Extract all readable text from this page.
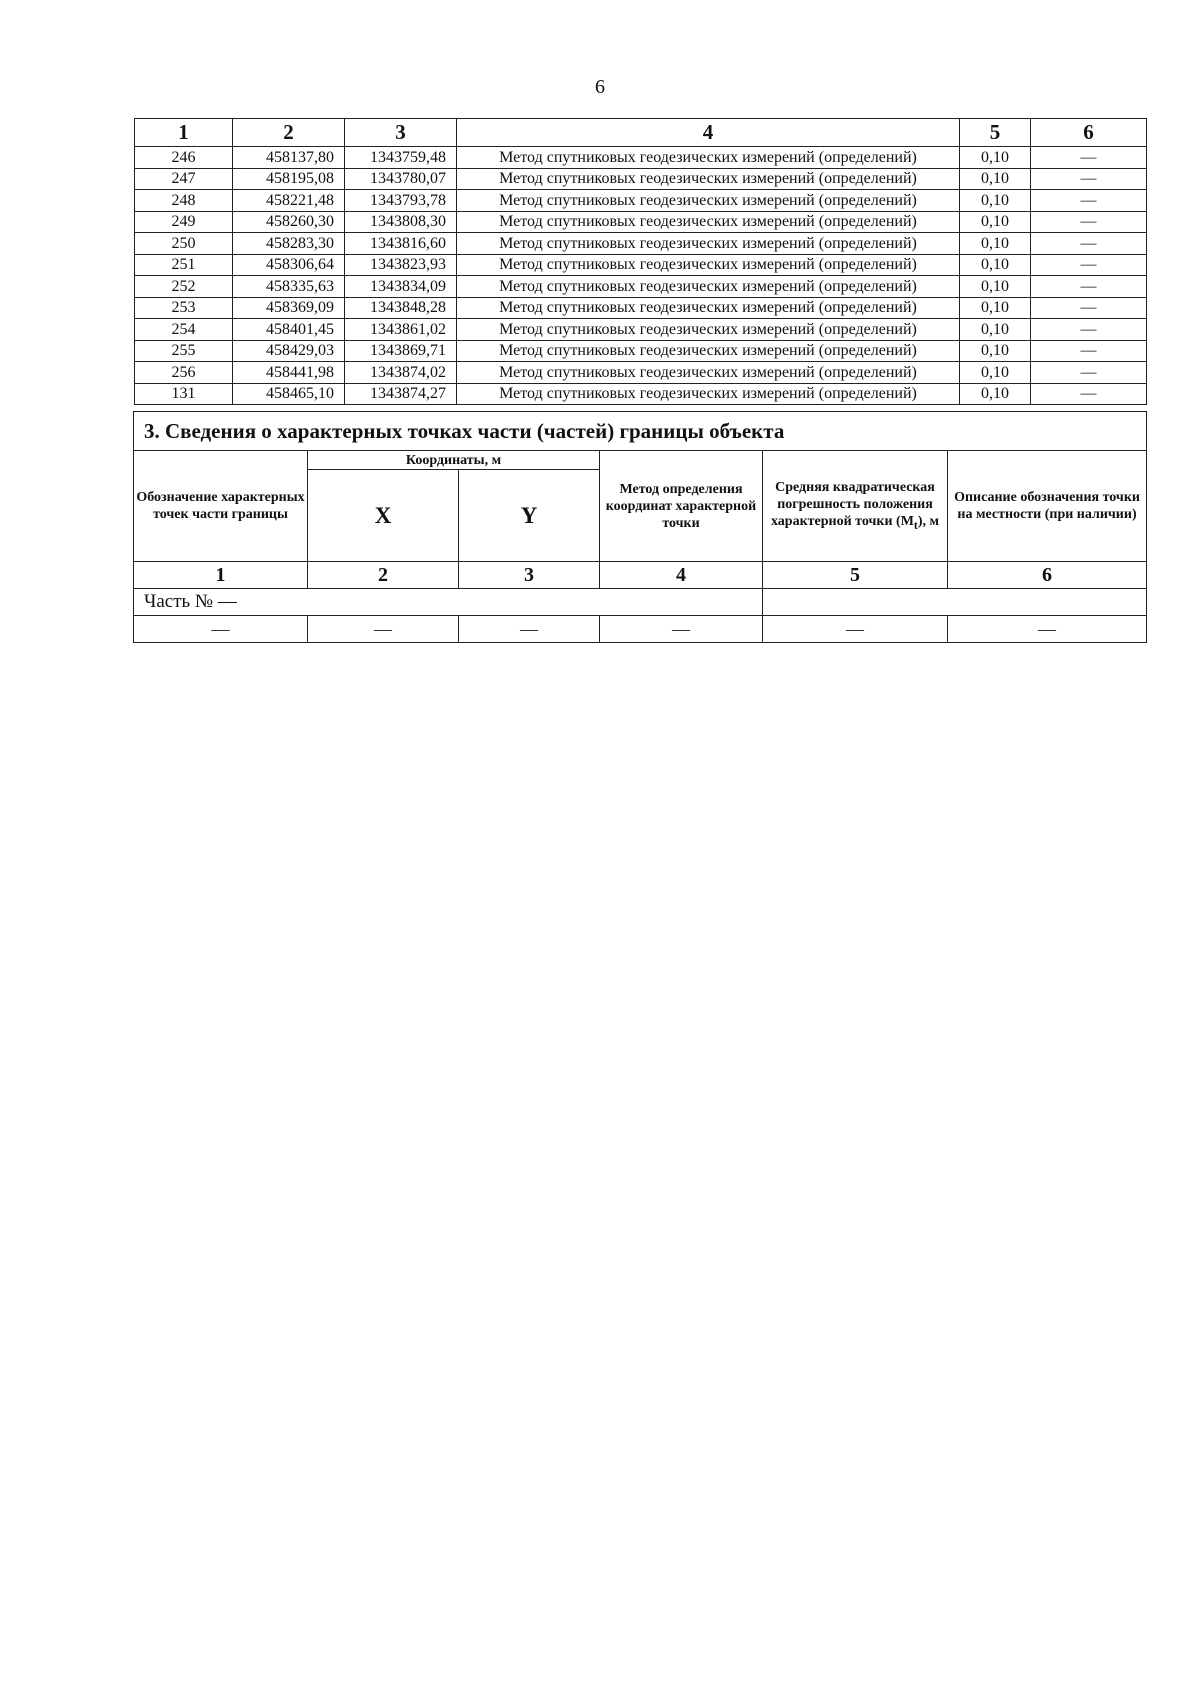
6
1	2	3	4	5	6
246	458137,80	1343759,48	Метод спутниковых геодезических измерений (определений)	0,10	—
247	458195,08	1343780,07	Метод спутниковых геодезических измерений (определений)	0,10	—
248	458221,48	1343793,78	Метод спутниковых геодезических измерений (определений)	0,10	—
249	458260,30	1343808,30	Метод спутниковых геодезических измерений (определений)	0,10	—
250	458283,30	1343816,60	Метод спутниковых геодезических измерений (определений)	0,10	—
251	458306,64	1343823,93	Метод спутниковых геодезических измерений (определений)	0,10	—
252	458335,63	1343834,09	Метод спутниковых геодезических измерений (определений)	0,10	—
253	458369,09	1343848,28	Метод спутниковых геодезических измерений (определений)	0,10	—
254	458401,45	1343861,02	Метод спутниковых геодезических измерений (определений)	0,10	—
255	458429,03	1343869,71	Метод спутниковых геодезических измерений (определений)	0,10	—
256	458441,98	1343874,02	Метод спутниковых геодезических измерений (определений)	0,10	—
131	458465,10	1343874,27	Метод спутниковых геодезических измерений (определений)	0,10	—
3. Сведения о характерных точках части (частей) границы объекта					
Обозначение характерных точек части границы	Координаты, м		Метод определения координат характерной точки	Средняя квадратическая погрешность положения характерной точки $(M_t)$, м	Описание обозначения точки на местности (при наличии)
	X	Y			
1	2	3	4	5	6
Часть № —					
—	—	—	—	—	—
